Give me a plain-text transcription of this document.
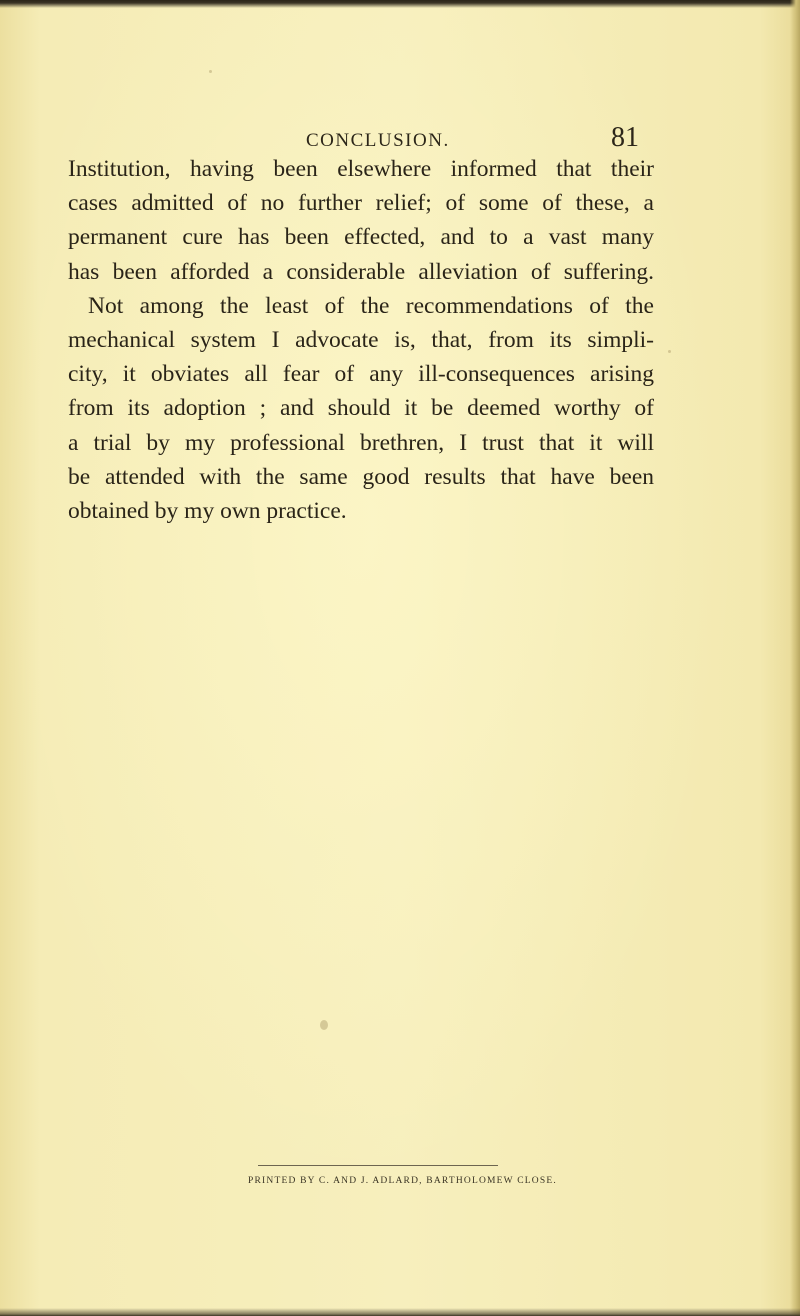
CONCLUSION.	81
Institution, having been elsewhere informed that their
cases admitted of no further relief; of some of these, a
permanent cure has been effected, and to a vast many
has been afforded a considerable alleviation of suffering.
Not among the least of the recommendations of the
mechanical system I advocate is, that, from its simpli-
city, it obviates all fear of any ill-consequences arising
from its adoption ; and should it be deemed worthy of
a trial by my professional brethren, I trust that it will
be attended with the same good results that have been
obtained by my own practice.
PRINTED BY C. AND J. ADLARD, BARTHOLOMEW CLOSE.
